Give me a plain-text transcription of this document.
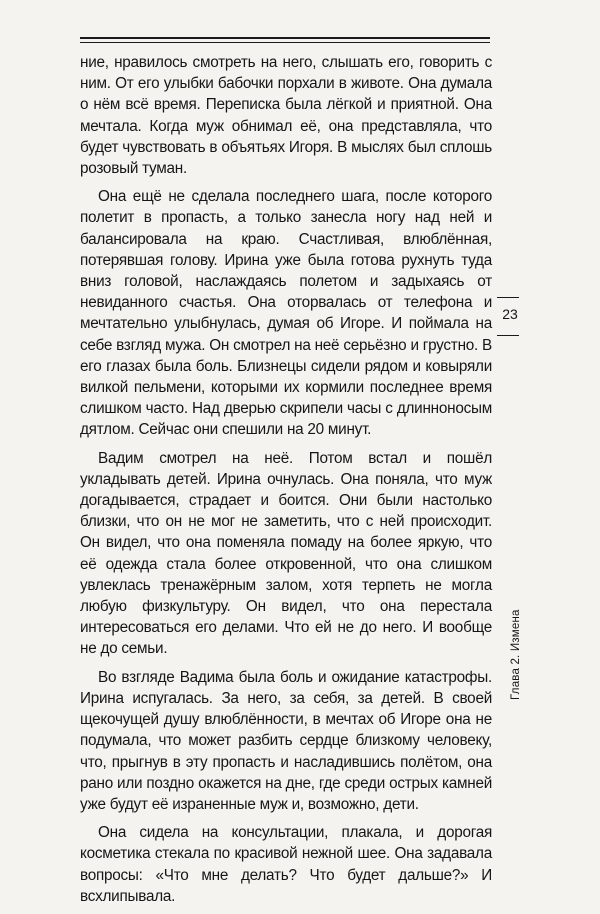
ние, нравилось смотреть на него, слышать его, говорить с ним. От его улыбки бабочки порхали в животе. Она думала о нём всё время. Переписка была лёгкой и приятной. Она мечтала. Когда муж обнимал её, она представляла, что будет чувствовать в объятьях Игоря. В мыслях был сплошь розовый туман.

Она ещё не сделала последнего шага, после которого полетит в пропасть, а только занесла ногу над ней и балансировала на краю. Счастливая, влюблённая, потерявшая голову. Ирина уже была готова рухнуть туда вниз головой, наслаждаясь полетом и задыхаясь от невиданного счастья. Она оторвалась от телефона и мечтательно улыбнулась, думая об Игоре. И поймала на себе взгляд мужа. Он смотрел на неё серьёзно и грустно. В его глазах была боль. Близнецы сидели рядом и ковыряли вилкой пельмени, которыми их кормили последнее время слишком часто. Над дверью скрипели часы с длинноносым дятлом. Сейчас они спешили на 20 минут.

Вадим смотрел на неё. Потом встал и пошёл укладывать детей. Ирина очнулась. Она поняла, что муж догадывается, страдает и боится. Они были настолько близки, что он не мог не заметить, что с ней происходит. Он видел, что она поменяла помаду на более яркую, что её одежда стала более откровенной, что она слишком увлеклась тренажёрным залом, хотя терпеть не могла любую физкультуру. Он видел, что она перестала интересоваться его делами. Что ей не до него. И вообще не до семьи.

Во взгляде Вадима была боль и ожидание катастрофы. Ирина испугалась. За него, за себя, за детей. В своей щекочущей душу влюблённости, в мечтах об Игоре она не подумала, что может разбить сердце близкому человеку, что, прыгнув в эту пропасть и насладившись полётом, она рано или поздно окажется на дне, где среди острых камней уже будут её израненные муж и, возможно, дети.

Она сидела на консультации, плакала, и дорогая косметика стекала по красивой нежной шее. Она задавала вопросы: «Что мне делать? Что будет дальше?» И всхлипывала.

23
Глава 2. Измена
